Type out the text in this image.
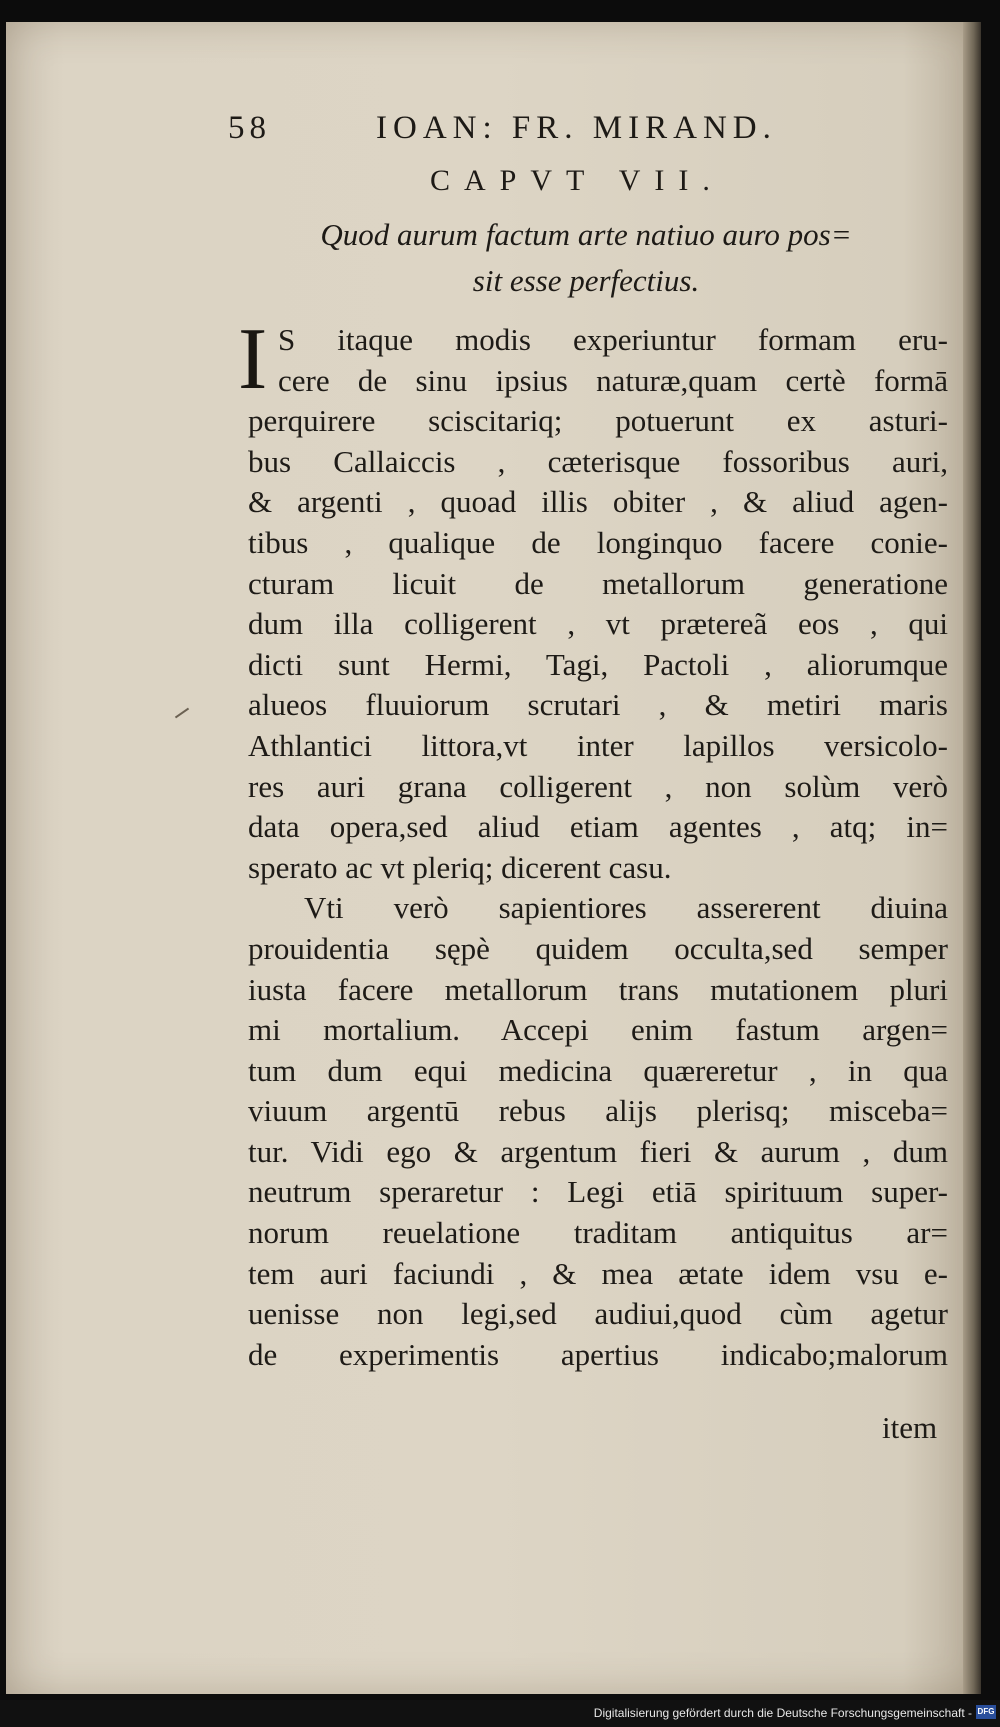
58	IOAN: FR. MIRAND.
CAPVT VII.
Quod aurum factum arte natiuo auro pos=
sit esse perfectius.
I S itaque modis experiuntur formam eru-
cere de sinu ipsius naturæ,quam certè formā
perquirere sciscitariq; potuerunt ex asturi-
bus Callaiccis , cæterisque fossoribus auri,
& argenti , quoad illis obiter , & aliud agen-
tibus , qualique de longinquo facere conie-
cturam licuit de metallorum generatione
dum illa colligerent , vt prætereã eos , qui
dicti sunt Hermi, Tagi, Pactoli , aliorumque
alueos fluuiorum scrutari , & metiri maris
Athlantici littora,vt inter lapillos versicolo-
res auri grana colligerent , non solùm verò
data opera,sed aliud etiam agentes , atq; in=
sperato ac vt pleriq; dicerent casu.
Vti verò sapientiores assererent diuina
prouidentia sępè quidem occulta,sed semper
iusta facere metallorum trans mutationem pluri
mi mortalium. Accepi enim fastum argen=
tum dum equi medicina quæreretur , in qua
viuum argentū rebus alijs plerisq; misceba=
tur. Vidi ego & argentum fieri & aurum , dum
neutrum speraretur : Legi etiā spirituum super-
norum reuelatione traditam antiquitus ar=
tem auri faciundi , & mea ætate idem vsu e-
uenisse non legi,sed audiui,quod cùm agetur
de experimentis apertius indicabo;malorum
item
Digitalisierung gefördert durch die Deutsche Forschungsgemeinschaft - DFG
